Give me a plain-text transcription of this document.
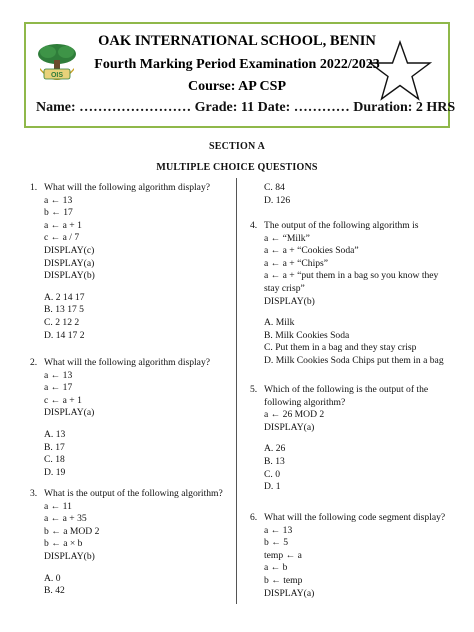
OIS
OAK INTERNATIONAL SCHOOL, BENIN
Fourth Marking Period Examination 2022/2023
Course: AP CSP
Name: …………………… Grade: 11 Date: ………… Duration: 2 HRS
SECTION A
MULTIPLE CHOICE QUESTIONS
1. What will the following algorithm display?
a ← 13
b ← 17
a ← a + 1
c ← a / 7
DISPLAY(c)
DISPLAY(a)
DISPLAY(b)
A. 2 14 17
B. 13 17 5
C. 2 12 2
D. 14 17 2
2. What will the following algorithm display?
a ← 13
a ← 17
c ← a + 1
DISPLAY(a)
A. 13
B. 17
C. 18
D. 19
3. What is the output of the following algorithm?
a ← 11
a ← a + 35
b ← a MOD 2
b ← a × b
DISPLAY(b)
A. 0
B. 42
C. 84
D. 126
4. The output of the following algorithm is
a ← “Milk”
a ← a + “Cookies Soda”
a ← a + “Chips”
a ← a + “put them in a bag so you know they
stay crisp”
DISPLAY(b)
A. Milk
B. Milk Cookies Soda
C. Put them in a bag and they stay crisp
D. Milk Cookies Soda Chips put them in a bag
5. Which of the following is the output of the
following algorithm?
a ← 26 MOD 2
DISPLAY(a)
A. 26
B. 13
C. 0
D. 1
6. What will the following code segment display?
a ← 13
b ← 5
temp ← a
a ← b
b ← temp
DISPLAY(a)
